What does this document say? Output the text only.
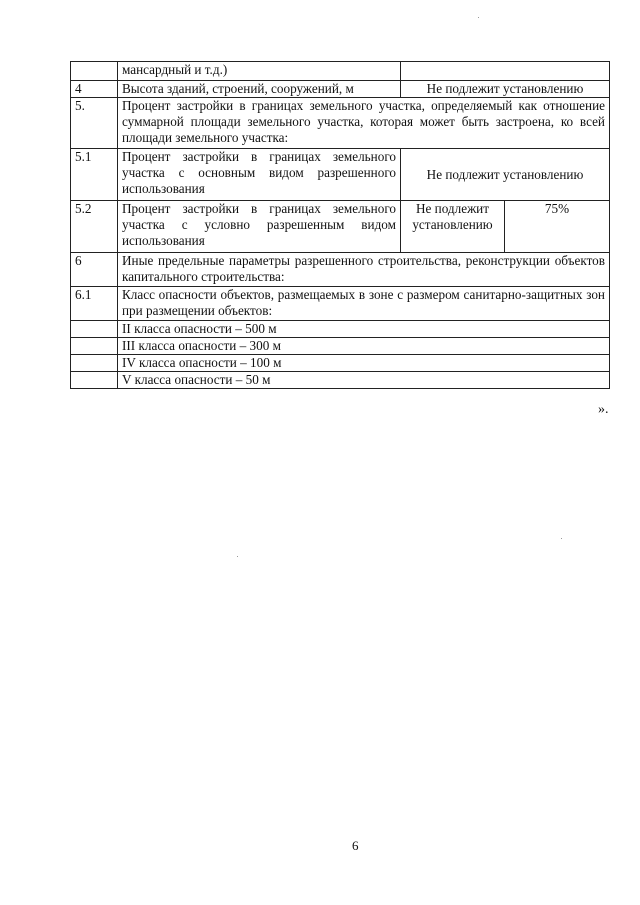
	мансардный и т.д.)		
4	Высота зданий, строений, сооружений, м	Не подлежит установлению	
5.	Процент застройки в границах земельного участка, определяемый как отношение суммарной площади земельного участка, которая может быть застроена, ко всей площади земельного участка:		
5.1	Процент застройки в границах земельного участка с основным видом разрешенного использования	Не подлежит установлению	
5.2	Процент застройки в границах земельного участка с условно разрешенным видом использования	Не подлежит установлению	75%
6	Иные предельные параметры разрешенного строительства, реконструкции объектов капитального строительства:		
6.1	Класс опасности объектов, размещаемых в зоне с размером санитарно-защитных зон при размещении объектов:		
	II класса опасности – 500 м		
	III класса опасности – 300 м		
	IV класса опасности – 100 м		
	V класса опасности – 50 м		
».
6
